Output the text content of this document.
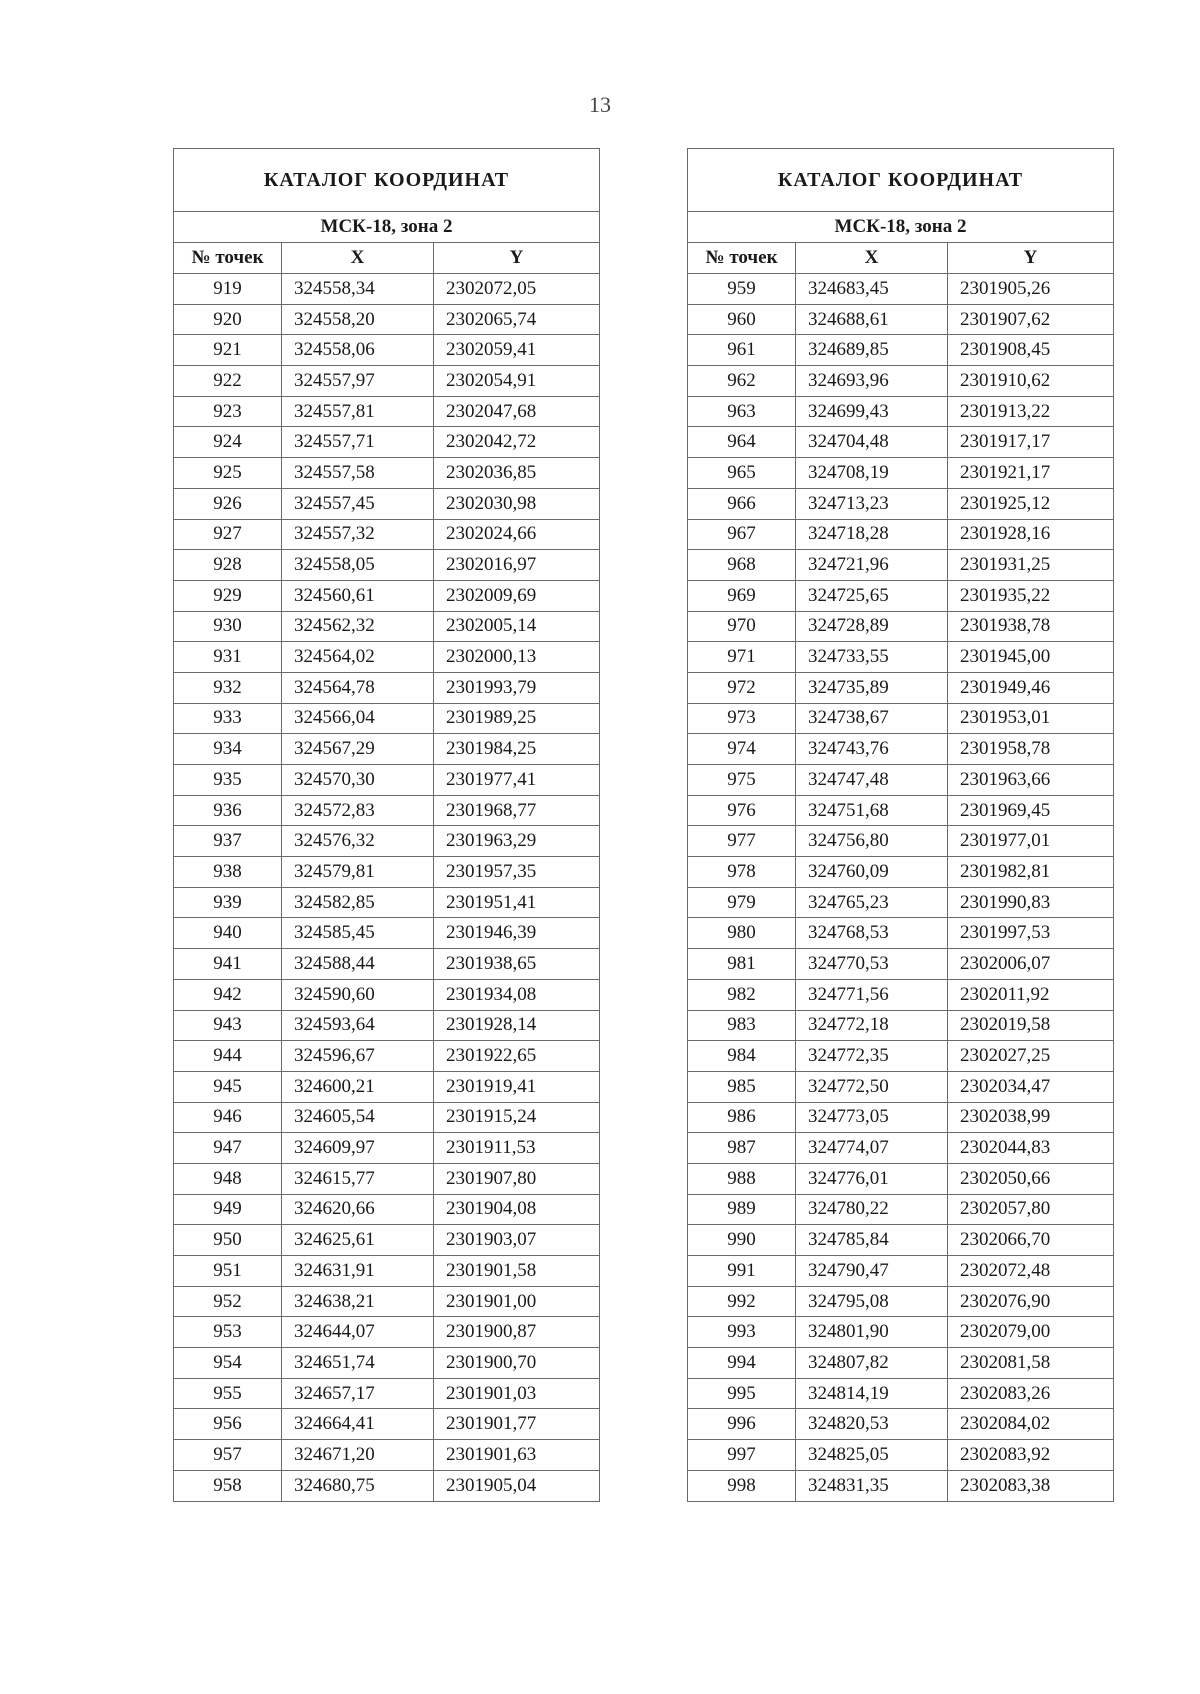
13
КАТАЛОГ КООРДИНАТ		
МСК-18, зона 2		
№ точек	X	Y
919	324558,34	2302072,05
920	324558,20	2302065,74
921	324558,06	2302059,41
922	324557,97	2302054,91
923	324557,81	2302047,68
924	324557,71	2302042,72
925	324557,58	2302036,85
926	324557,45	2302030,98
927	324557,32	2302024,66
928	324558,05	2302016,97
929	324560,61	2302009,69
930	324562,32	2302005,14
931	324564,02	2302000,13
932	324564,78	2301993,79
933	324566,04	2301989,25
934	324567,29	2301984,25
935	324570,30	2301977,41
936	324572,83	2301968,77
937	324576,32	2301963,29
938	324579,81	2301957,35
939	324582,85	2301951,41
940	324585,45	2301946,39
941	324588,44	2301938,65
942	324590,60	2301934,08
943	324593,64	2301928,14
944	324596,67	2301922,65
945	324600,21	2301919,41
946	324605,54	2301915,24
947	324609,97	2301911,53
948	324615,77	2301907,80
949	324620,66	2301904,08
950	324625,61	2301903,07
951	324631,91	2301901,58
952	324638,21	2301901,00
953	324644,07	2301900,87
954	324651,74	2301900,70
955	324657,17	2301901,03
956	324664,41	2301901,77
957	324671,20	2301901,63
958	324680,75	2301905,04
КАТАЛОГ КООРДИНАТ		
МСК-18, зона 2		
№ точек	X	Y
959	324683,45	2301905,26
960	324688,61	2301907,62
961	324689,85	2301908,45
962	324693,96	2301910,62
963	324699,43	2301913,22
964	324704,48	2301917,17
965	324708,19	2301921,17
966	324713,23	2301925,12
967	324718,28	2301928,16
968	324721,96	2301931,25
969	324725,65	2301935,22
970	324728,89	2301938,78
971	324733,55	2301945,00
972	324735,89	2301949,46
973	324738,67	2301953,01
974	324743,76	2301958,78
975	324747,48	2301963,66
976	324751,68	2301969,45
977	324756,80	2301977,01
978	324760,09	2301982,81
979	324765,23	2301990,83
980	324768,53	2301997,53
981	324770,53	2302006,07
982	324771,56	2302011,92
983	324772,18	2302019,58
984	324772,35	2302027,25
985	324772,50	2302034,47
986	324773,05	2302038,99
987	324774,07	2302044,83
988	324776,01	2302050,66
989	324780,22	2302057,80
990	324785,84	2302066,70
991	324790,47	2302072,48
992	324795,08	2302076,90
993	324801,90	2302079,00
994	324807,82	2302081,58
995	324814,19	2302083,26
996	324820,53	2302084,02
997	324825,05	2302083,92
998	324831,35	2302083,38
